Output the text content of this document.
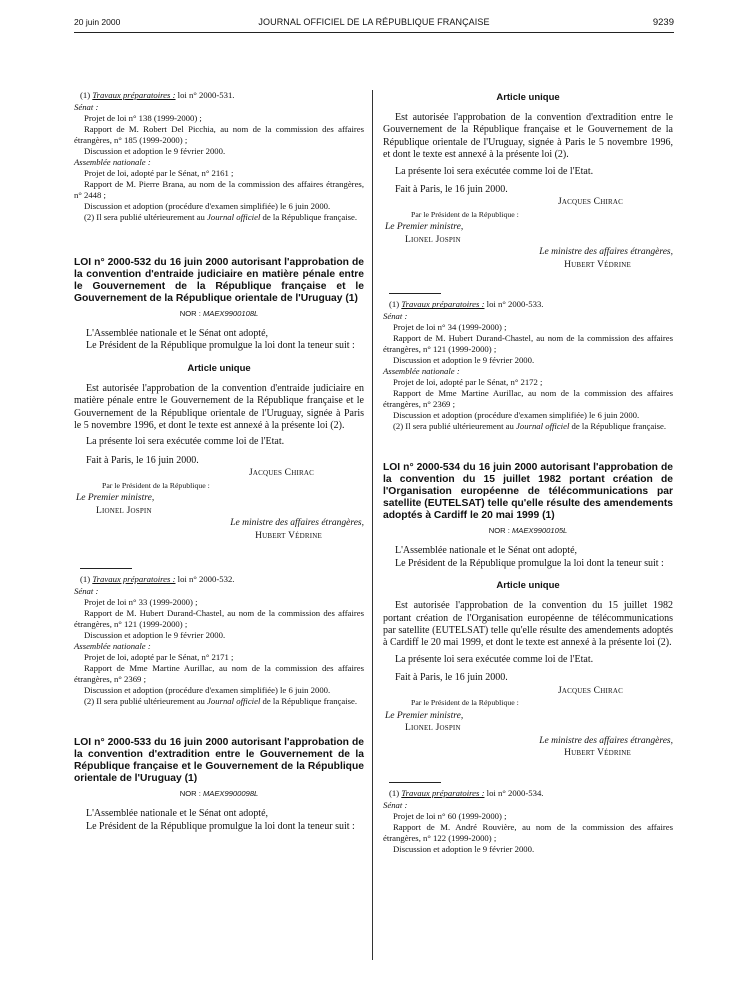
20 juin 2000	JOURNAL OFFICIEL DE LA RÉPUBLIQUE FRANÇAISE	9239
(1) Travaux préparatoires : loi n° 2000-531.
Sénat :
Projet de loi n° 138 (1999-2000) ;
Rapport de M. Robert Del Picchia, au nom de la commission des affaires étrangères, n° 185 (1999-2000) ;
Discussion et adoption le 9 février 2000.
Assemblée nationale :
Projet de loi, adopté par le Sénat, n° 2161 ;
Rapport de M. Pierre Brana, au nom de la commission des affaires étrangères, n° 2448 ;
Discussion et adoption (procédure d'examen simplifiée) le 6 juin 2000.
(2) Il sera publié ultérieurement au Journal officiel de la République française.
LOI n° 2000-532 du 16 juin 2000 autorisant l'approbation de la convention d'entraide judiciaire en matière pénale entre le Gouvernement de la République française et le Gouvernement de la République orientale de l'Uruguay (1)
NOR : MAEX9900108L
L'Assemblée nationale et le Sénat ont adopté,
Le Président de la République promulgue la loi dont la teneur suit :
Article unique
Est autorisée l'approbation de la convention d'entraide judiciaire en matière pénale entre le Gouvernement de la République française et le Gouvernement de la République orientale de l'Uruguay, signée à Paris le 5 novembre 1996, et dont le texte est annexé à la présente loi (2).
La présente loi sera exécutée comme loi de l'Etat.
Fait à Paris, le 16 juin 2000.
Jacques Chirac
Par le Président de la République :
Le Premier ministre,
Lionel Jospin
Le ministre des affaires étrangères,
Hubert Védrine
(1) Travaux préparatoires : loi n° 2000-532.
Sénat :
Projet de loi n° 33 (1999-2000) ;
Rapport de M. Hubert Durand-Chastel, au nom de la commission des affaires étrangères, n° 121 (1999-2000) ;
Discussion et adoption le 9 février 2000.
Assemblée nationale :
Projet de loi, adopté par le Sénat, n° 2171 ;
Rapport de Mme Martine Aurillac, au nom de la commission des affaires étrangères, n° 2369 ;
Discussion et adoption (procédure d'examen simplifiée) le 6 juin 2000.
(2) Il sera publié ultérieurement au Journal officiel de la République française.
LOI n° 2000-533 du 16 juin 2000 autorisant l'approbation de la convention d'extradition entre le Gouvernement de la République française et le Gouvernement de la République orientale de l'Uruguay (1)
NOR : MAEX9900098L
L'Assemblée nationale et le Sénat ont adopté,
Le Président de la République promulgue la loi dont la teneur suit :
Article unique
Est autorisée l'approbation de la convention d'extradition entre le Gouvernement de la République française et le Gouvernement de la République orientale de l'Uruguay, signée à Paris le 5 novembre 1996, et dont le texte est annexé à la présente loi (2).
La présente loi sera exécutée comme loi de l'Etat.
Fait à Paris, le 16 juin 2000.
Jacques Chirac
Par le Président de la République :
Le Premier ministre,
Lionel Jospin
Le ministre des affaires étrangères,
Hubert Védrine
(1) Travaux préparatoires : loi n° 2000-533.
Sénat :
Projet de loi n° 34 (1999-2000) ;
Rapport de M. Hubert Durand-Chastel, au nom de la commission des affaires étrangères, n° 121 (1999-2000) ;
Discussion et adoption le 9 février 2000.
Assemblée nationale :
Projet de loi, adopté par le Sénat, n° 2172 ;
Rapport de Mme Martine Aurillac, au nom de la commission des affaires étrangères, n° 2369 ;
Discussion et adoption (procédure d'examen simplifiée) le 6 juin 2000.
(2) Il sera publié ultérieurement au Journal officiel de la République française.
LOI n° 2000-534 du 16 juin 2000 autorisant l'approbation de la convention du 15 juillet 1982 portant création de l'Organisation européenne de télécommunications par satellite (EUTELSAT) telle qu'elle résulte des amendements adoptés à Cardiff le 20 mai 1999 (1)
NOR : MAEX9900105L
L'Assemblée nationale et le Sénat ont adopté,
Le Président de la République promulgue la loi dont la teneur suit :
Article unique
Est autorisée l'approbation de la convention du 15 juillet 1982 portant création de l'Organisation européenne de télécommunications par satellite (EUTELSAT) telle qu'elle résulte des amendements adoptés à Cardiff le 20 mai 1999, et dont le texte est annexé à la présente loi (2).
La présente loi sera exécutée comme loi de l'Etat.
Fait à Paris, le 16 juin 2000.
Jacques Chirac
Par le Président de la République :
Le Premier ministre,
Lionel Jospin
Le ministre des affaires étrangères,
Hubert Védrine
(1) Travaux préparatoires : loi n° 2000-534.
Sénat :
Projet de loi n° 60 (1999-2000) ;
Rapport de M. André Rouvière, au nom de la commission des affaires étrangères, n° 122 (1999-2000) ;
Discussion et adoption le 9 février 2000.
